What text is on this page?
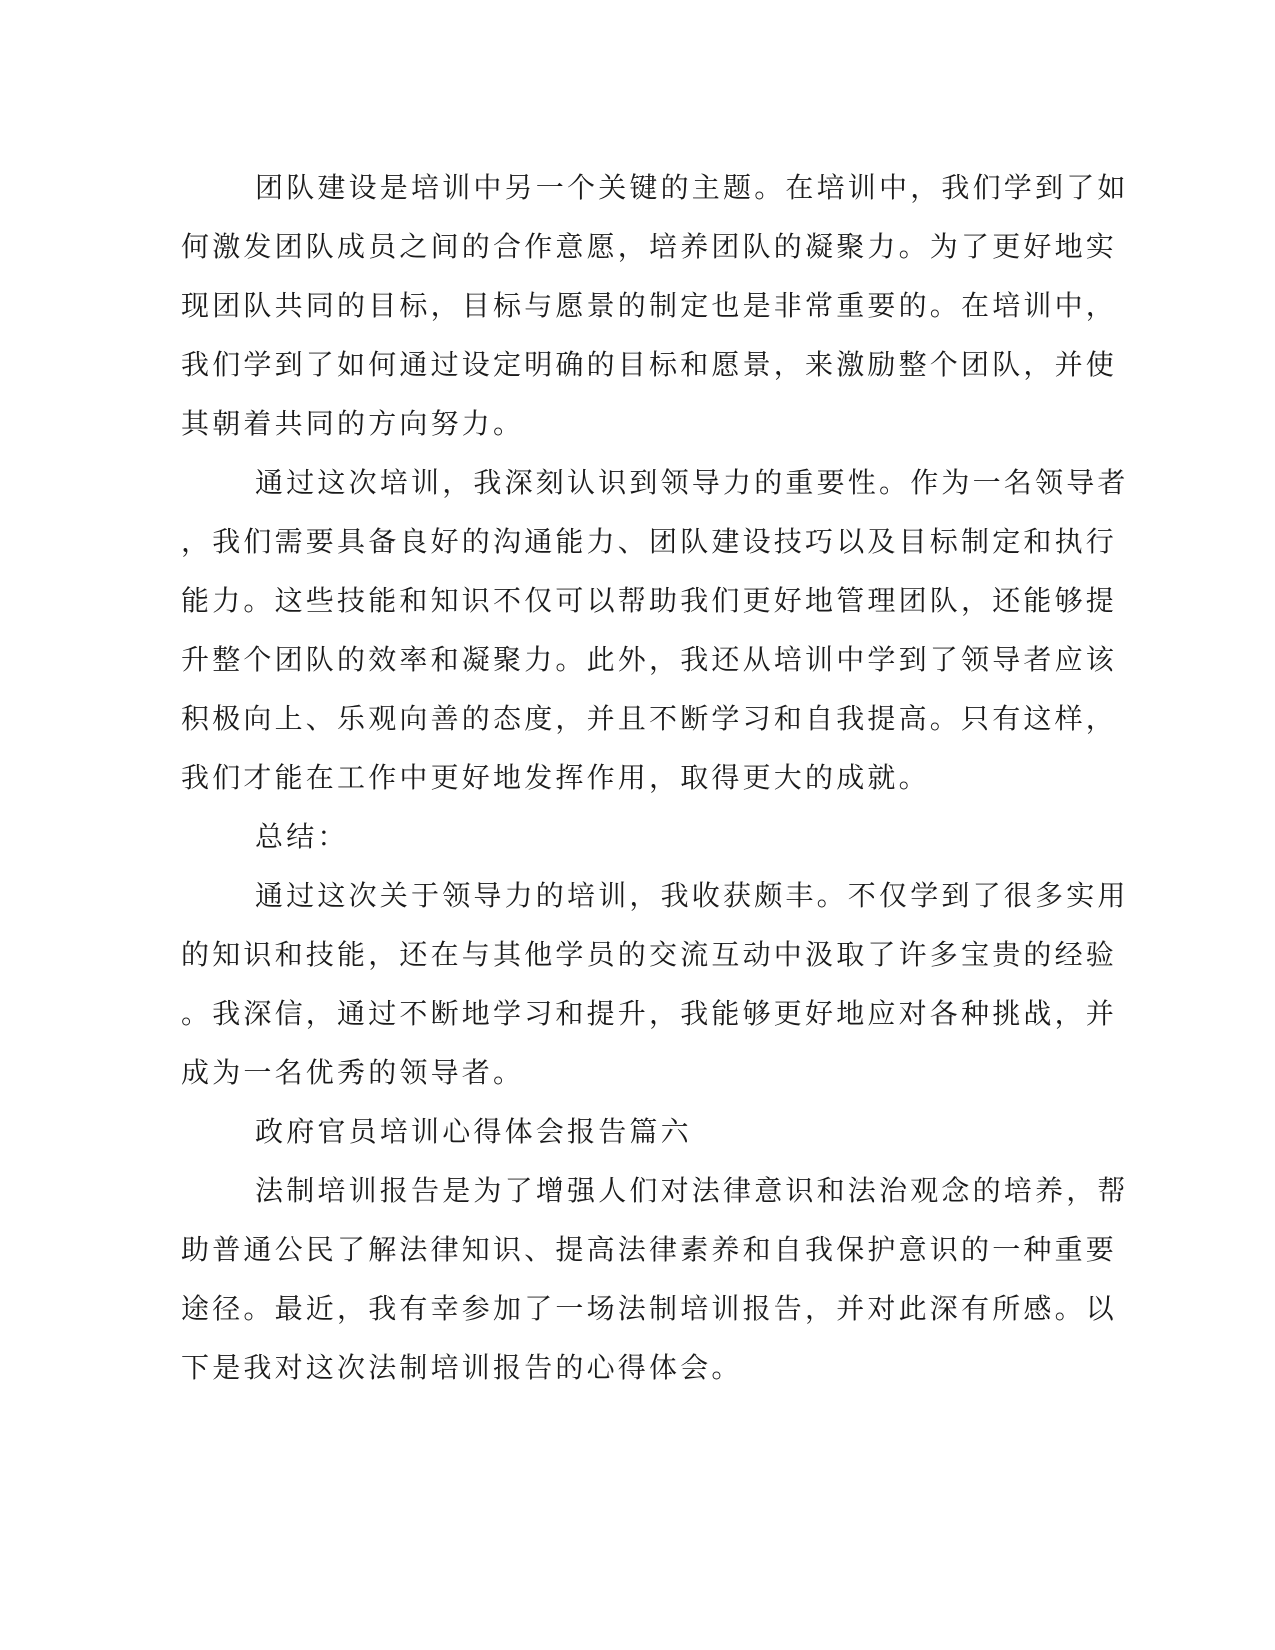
团队建设是培训中另一个关键的主题。在培训中，我们学到了如
何激发团队成员之间的合作意愿，培养团队的凝聚力。为了更好地实
现团队共同的目标，目标与愿景的制定也是非常重要的。在培训中，
我们学到了如何通过设定明确的目标和愿景，来激励整个团队，并使
其朝着共同的方向努力。

通过这次培训，我深刻认识到领导力的重要性。作为一名领导者
，我们需要具备良好的沟通能力、团队建设技巧以及目标制定和执行
能力。这些技能和知识不仅可以帮助我们更好地管理团队，还能够提
升整个团队的效率和凝聚力。此外，我还从培训中学到了领导者应该
积极向上、乐观向善的态度，并且不断学习和自我提高。只有这样，
我们才能在工作中更好地发挥作用，取得更大的成就。

总结：

通过这次关于领导力的培训，我收获颇丰。不仅学到了很多实用
的知识和技能，还在与其他学员的交流互动中汲取了许多宝贵的经验
。我深信，通过不断地学习和提升，我能够更好地应对各种挑战，并
成为一名优秀的领导者。

政府官员培训心得体会报告篇六

法制培训报告是为了增强人们对法律意识和法治观念的培养，帮
助普通公民了解法律知识、提高法律素养和自我保护意识的一种重要
途径。最近，我有幸参加了一场法制培训报告，并对此深有所感。以
下是我对这次法制培训报告的心得体会。
